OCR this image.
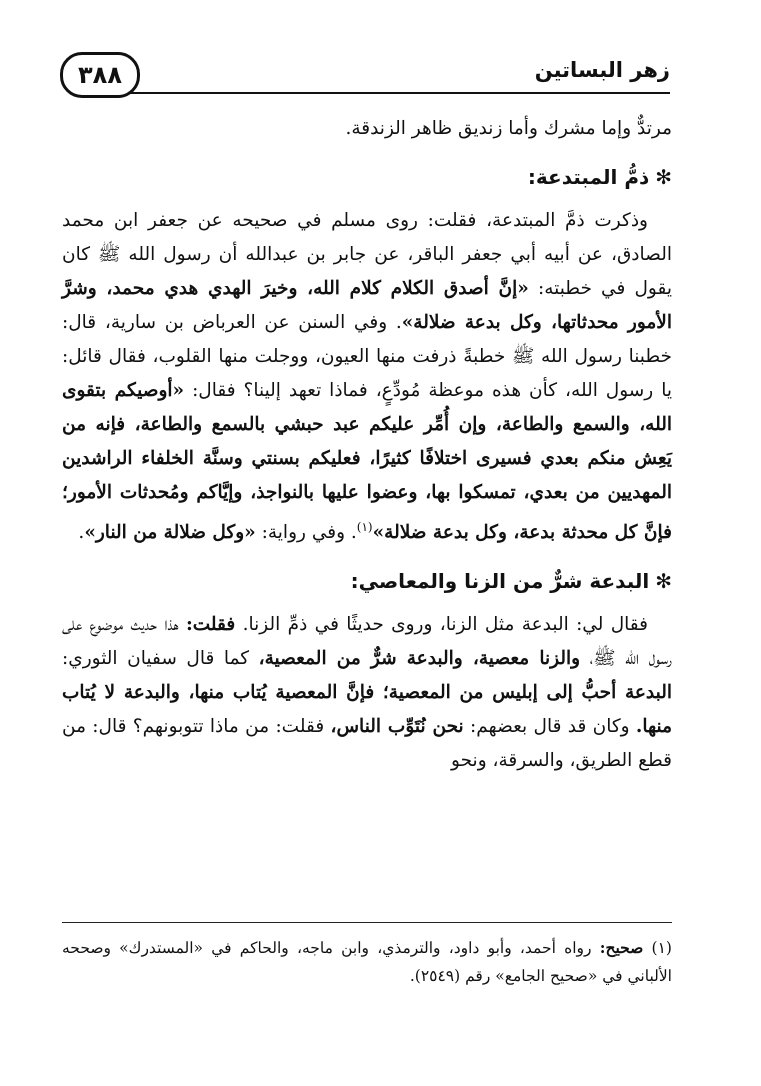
٣٨٨	زهر البساتين

مرتدٌّ وإما مشرك وأما زنديق ظاهر الزندقة.

✻ذمُّ المبتدعة:

وذكرت ذمَّ المبتدعة، فقلت: روى مسلم في صحيحه عن جعفر ابن محمد الصادق، عن أبيه أبي جعفر الباقر، عن جابر بن عبدالله أن رسول الله ﷺ كان يقول في خطبته: «إنَّ أصدق الكلام كلام الله، وخيرَ الهدي هدي محمد، وشرَّ الأمور محدثاتها، وكل بدعة ضلالة». وفي السنن عن العرباض بن سارية، قال: خطبنا رسول الله ﷺ خطبةً ذرفت منها العيون، ووجلت منها القلوب، فقال قائل: يا رسول الله، كأن هذه موعظة مُودِّعٍ، فماذا تعهد إلينا؟ فقال: «أوصيكم بتقوى الله، والسمع والطاعة، وإن أُمِّر عليكم عبد حبشي بالسمع والطاعة، فإنه من يَعِش منكم بعدي فسيرى اختلافًا كثيرًا، فعليكم بسنتي وسنَّة الخلفاء الراشدين المهديين من بعدي، تمسكوا بها، وعضوا عليها بالنواجذ، وإيَّاكم ومُحدثات الأمور؛ فإنَّ كل محدثة بدعة، وكل بدعة ضلالة»$^{(١)}$. وفي رواية: «وكل ضلالة من النار».

✻البدعة شرٌّ من الزنا والمعاصي:

فقال لي: البدعة مثل الزنا، وروى حديثًا في ذمِّ الزنا. فقلت: هذا حديث موضوع على رسول الله ﷺ، والزنا معصية، والبدعة شرٌّ من المعصية، كما قال سفيان الثوري: البدعة أحبُّ إلى إبليس من المعصية؛ فإنَّ المعصية يُتاب منها، والبدعة لا يُتاب منها. وكان قد قال بعضهم: نحن نُتَوِّب الناس، فقلت: من ماذا تتوبونهم؟ قال: من قطع الطريق، والسرقة، ونحو

(١) صحيح: رواه أحمد، وأبو داود، والترمذي، وابن ماجه، والحاكم في «المستدرك» وصححه الألباني في «صحيح الجامع» رقم (٢٥٤٩).
